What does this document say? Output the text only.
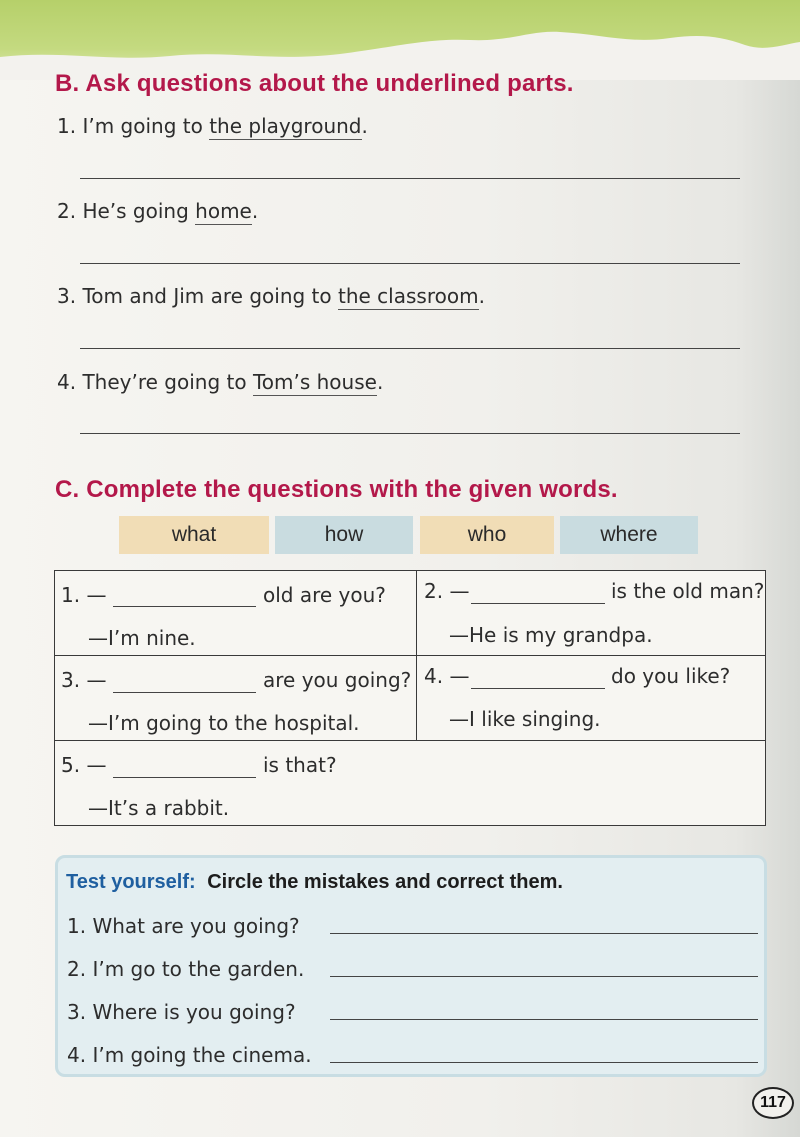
B. Ask questions about the underlined parts.
1. I’m going to the playground.
2. He’s going home.
3. Tom and Jim are going to the classroom.
4. They’re going to Tom’s house.
C. Complete the questions with the given words.
what	how	who	where
1. —	old are you?
—I’m nine.
2. —	is the old man?
—He is my grandpa.
3. —	are you going?
—I’m going to the hospital.
4. —	do you like?
—I like singing.
5. —	is that?
—It’s a rabbit.
Test yourself: Circle the mistakes and correct them.
1. What are you going?
2. I’m go to the garden.
3. Where is you going?
4. I’m going the cinema.
117
